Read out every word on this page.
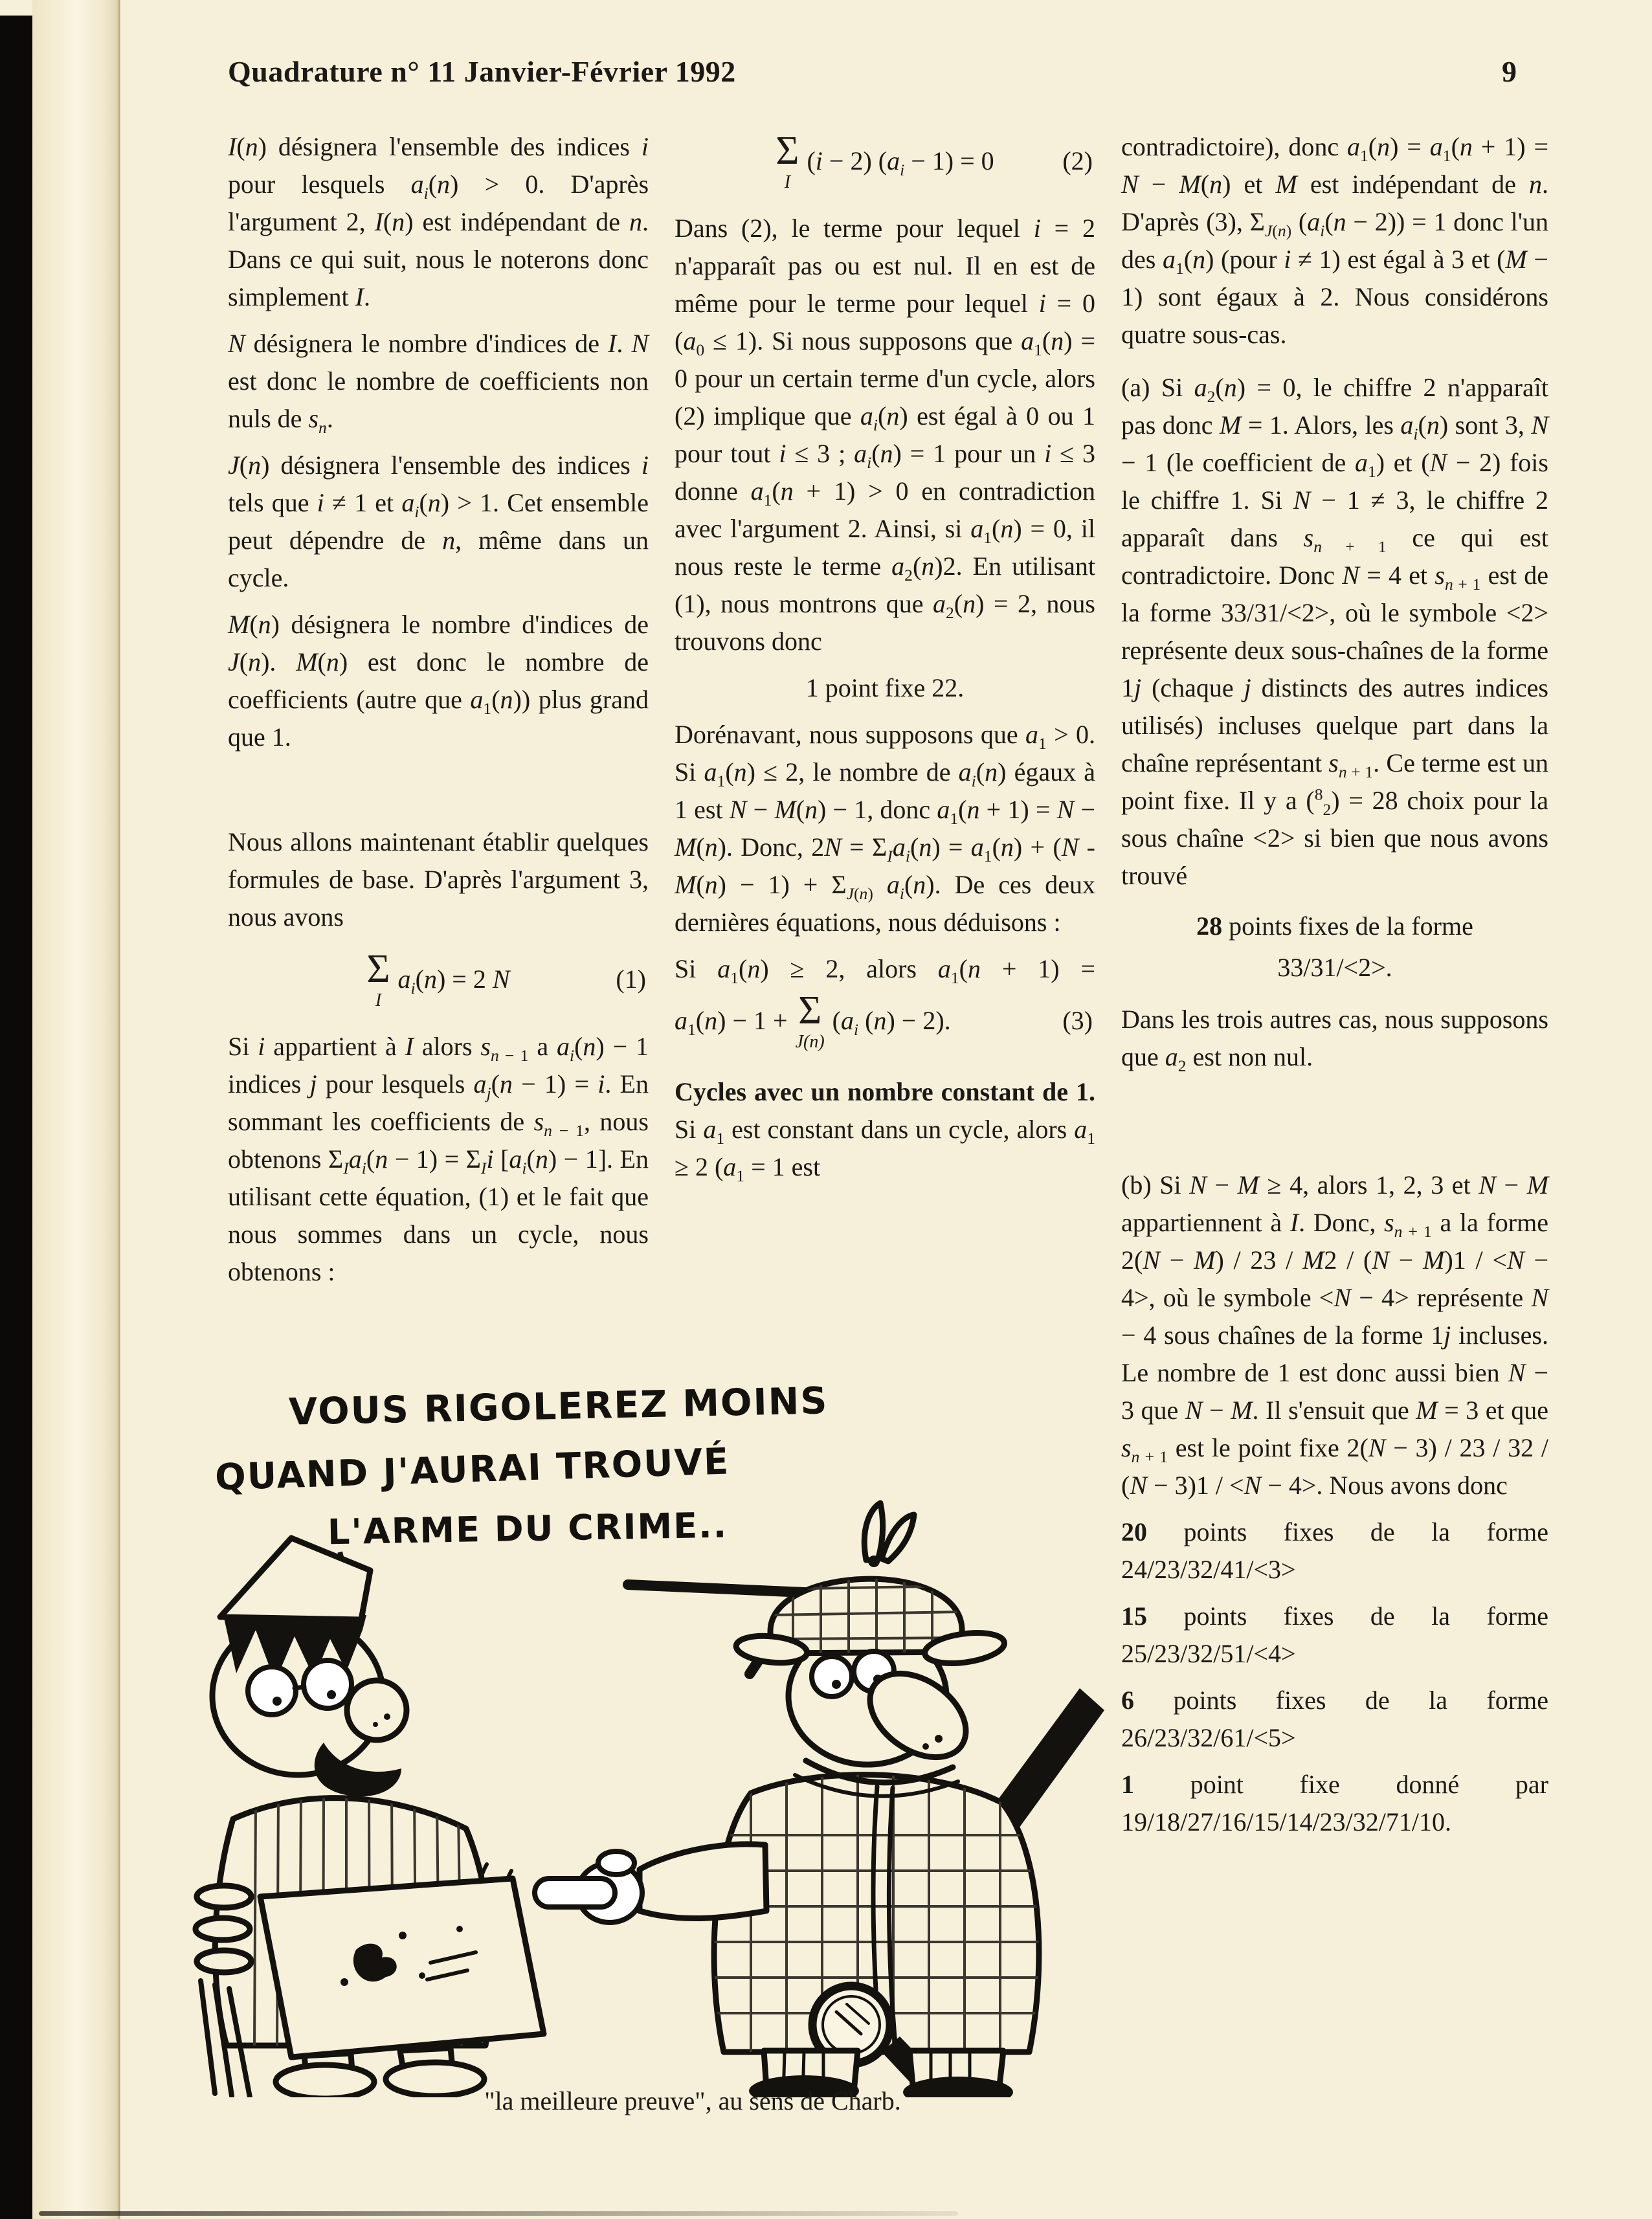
Quadrature n° 11 Janvier-Février 1992	9

I(n) désignera l'ensemble des indices i pour lesquels $a_i(n) > 0$. D'après l'argument 2, I(n) est indépendant de n. Dans ce qui suit, nous le noterons donc simplement I.

N désignera le nombre d'indices de I. N est donc le nombre de coefficients non nuls de $s_n$.

J(n) désignera l'ensemble des indices i tels que i ≠ 1 et $a_i(n) > 1$. Cet ensemble peut dépendre de n, même dans un cycle.

M(n) désignera le nombre d'indices de J(n). M(n) est donc le nombre de coefficients (autre que $a_1(n)$) plus grand que 1.

Nous allons maintenant établir quelques formules de base. D'après l'argument 3, nous avons

Σ
I
$a_i(n) = 2$ N	(1)

Si i appartient à I alors $s_{n - 1}$ a $a_i(n) - 1$ indices j pour lesquels $a_j(n - 1) = i$. En sommant les coefficients de $s_{n - 1}$, nous obtenons $\Sigma_Ia_i(n - 1) = \Sigma_Ii$ $[a_i(n) - 1]$. En utilisant cette équation, (1) et le fait que nous sommes dans un cycle, nous obtenons :

Σ
I
(i − 2) $(a_i - 1) = 0$	(2)

Dans (2), le terme pour lequel i = 2 n'apparaît pas ou est nul. Il en est de même pour le terme pour lequel i = 0 $(a_0 \le 1)$. Si nous supposons que $a_1(n) = 0$ pour un certain terme d'un cycle, alors (2) implique que $a_i(n)$ est égal à 0 ou 1 pour tout i ≤ 3 ; $a_i(n) = 1$ pour un i ≤ 3 donne $a_1(n + 1) > 0$ en contradiction avec l'argument 2. Ainsi, si $a_1(n) = 0$, il nous reste le terme $a_2(n)2$. En utilisant (1), nous montrons que $a_2(n) = 2$, nous trouvons donc

1 point fixe 22.

Dorénavant, nous supposons que $a_1 > 0$. Si $a_1(n) \le 2$, le nombre de $a_i(n)$ égaux à 1 est N − M(n) − 1, donc $a_1(n + 1) = N - M(n)$. Donc, $2N = \Sigma_Ia_i(n) = a_1(n) + (N - M(n) - 1) + \Sigma_{J(n)}$ $a_i(n)$. De ces deux dernières équations, nous déduisons :

Si $a_1(n) \ge 2$, alors $a_1(n + 1)$ =

$a_1(n) - 1 + \Sigma$
J(n)
($a_i$ (n) − 2).	(3)

Cycles avec un nombre constant de 1. Si $a_1$ est constant dans un cycle, alors $a_1 \ge 2$ ($a_1 = 1$ est

contradictoire), donc $a_1(n) = a_1(n + 1) = N - M(n)$ et M est indépendant de n. D'après (3), $\Sigma_{J(n)}$ $(a_i(n - 2)) = 1$ donc l'un des $a_1(n)$ (pour i ≠ 1) est égal à 3 et (M − 1) sont égaux à 2. Nous considérons quatre sous-cas.

(a) Si $a_2(n) = 0$, le chiffre 2 n'apparaît pas donc M = 1. Alors, les $a_i(n)$ sont 3, N − 1 (le coefficient de $a_1$) et (N − 2) fois le chiffre 1. Si N − 1 ≠ 3, le chiffre 2 apparaît dans $s_{n + 1}$ ce qui est contradictoire. Donc N = 4 et $s_{n + 1}$ est de la forme 33/31/<2>, où le symbole <2> représente deux sous-chaînes de la forme 1j (chaque j distincts des autres indices utilisés) incluses quelque part dans la chaîne représentant $s_{n + 1}$. Ce terme est un point fixe. Il y a ($^8_2$) = 28 choix pour la sous chaîne <2> si bien que nous avons trouvé

28 points fixes de la forme

33/31/<2>.

Dans les trois autres cas, nous supposons que $a_2$ est non nul.

(b) Si N − M ≥ 4, alors 1, 2, 3 et N − M appartiennent à I. Donc, $s_{n + 1}$ a la forme 2(N − M) / 23 / M2 / (N − M)1 / <N − 4>, où le symbole <N − 4> représente N − 4 sous chaînes de la forme 1j incluses. Le nombre de 1 est donc aussi bien N − 3 que N − M. Il s'ensuit que M = 3 et que $s_{n + 1}$ est le point fixe 2(N − 3) / 23 / 32 / (N − 3)1 / <N − 4>. Nous avons donc

20 points fixes de la forme 24/23/32/41/<3>

15 points fixes de la forme 25/23/32/51/<4>

6 points fixes de la forme 26/23/32/61/<5>

1 point fixe donné par 19/18/27/16/15/14/23/32/71/10.

VOUS RIGOLEREZ MOINS
QUAND J'AURAI TROUVÉ
L'ARME DU CRIME..
"la meilleure preuve", au sens de Charb.
